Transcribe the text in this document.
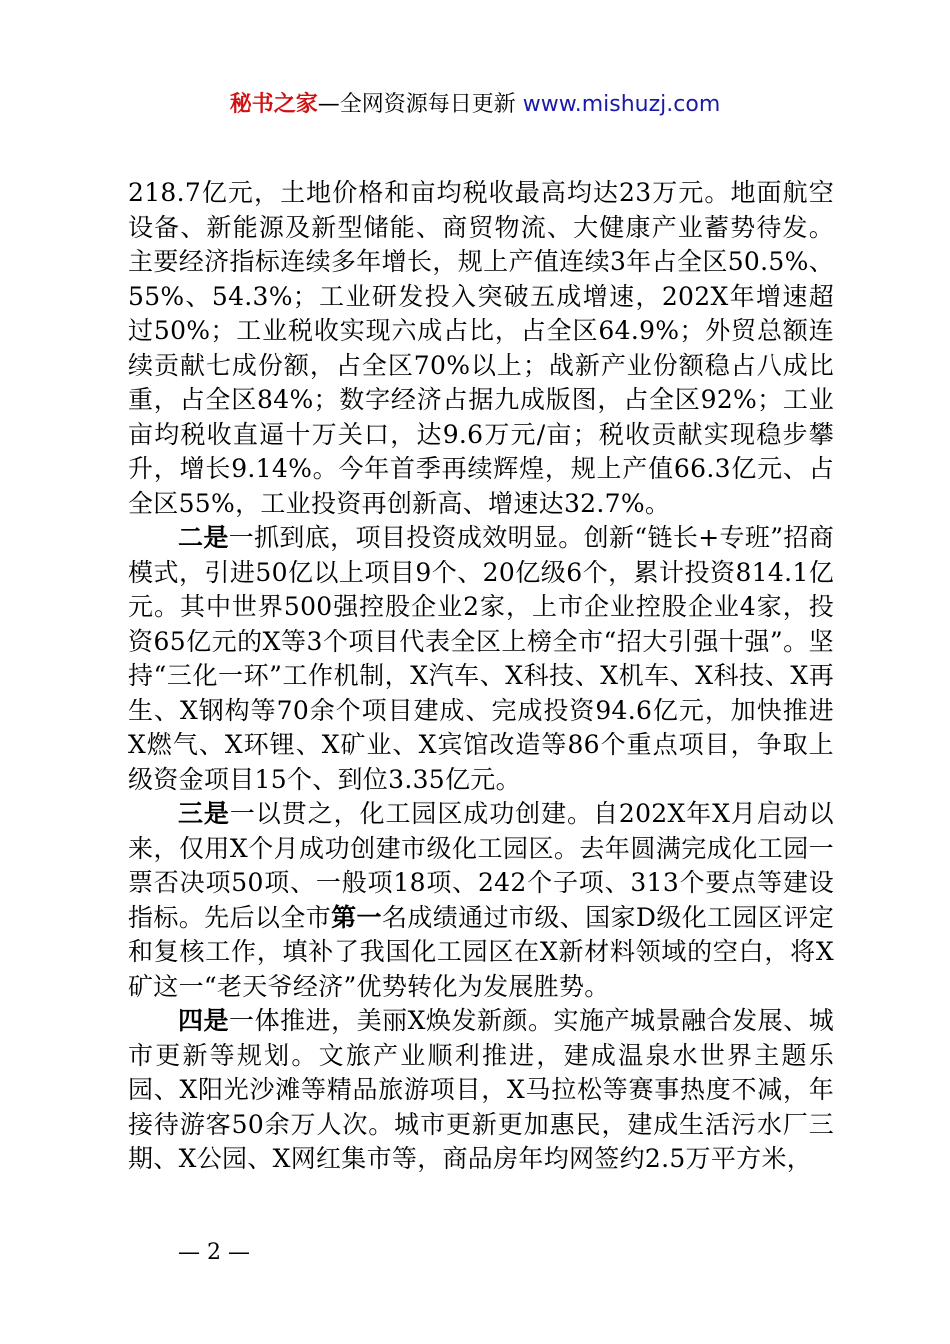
秘书之家—全网资源每日更新 www.mishuzj.com

218.7亿元，土地价格和亩均税收最高均达23万元。地面航空设备、新能源及新型储能、商贸物流、大健康产业蓄势待发。主要经济指标连续多年增长，规上产值连续3年占全区50.5%、55%、54.3%；工业研发投入突破五成增速，202X年增速超过50%；工业税收实现六成占比，占全区64.9%；外贸总额连续贡献七成份额，占全区70%以上；战新产业份额稳占八成比重，占全区84%；数字经济占据九成版图，占全区92%；工业亩均税收直逼十万关口，达9.6万元/亩；税收贡献实现稳步攀升，增长9.14%。今年首季再续辉煌，规上产值66.3亿元、占全区55%，工业投资再创新高、增速达32.7%。

二是一抓到底，项目投资成效明显。创新“链长+专班”招商模式，引进50亿以上项目9个、20亿级6个，累计投资814.1亿元。其中世界500强控股企业2家，上市企业控股企业4家，投资65亿元的X等3个项目代表全区上榜全市“招大引强十强”。坚持“三化一环”工作机制，X汽车、X科技、X机车、X科技、X再生、X钢构等70余个项目建成、完成投资94.6亿元，加快推进X燃气、X环锂、X矿业、X宾馆改造等86个重点项目，争取上级资金项目15个、到位3.35亿元。

三是一以贯之，化工园区成功创建。自202X年X月启动以来，仅用X个月成功创建市级化工园区。去年圆满完成化工园一票否决项50项、一般项18项、242个子项、313个要点等建设指标。先后以全市第一名成绩通过市级、国家D级化工园区评定和复核工作，填补了我国化工园区在X新材料领域的空白，将X矿这一“老天爷经济”优势转化为发展胜势。

四是一体推进，美丽X焕发新颜。实施产城景融合发展、城市更新等规划。文旅产业顺利推进，建成温泉水世界主题乐园、X阳光沙滩等精品旅游项目，X马拉松等赛事热度不减，年接待游客50余万人次。城市更新更加惠民，建成生活污水厂三期、X公园、X网红集市等，商品房年均网签约2.5万平方米，

— 2 —
